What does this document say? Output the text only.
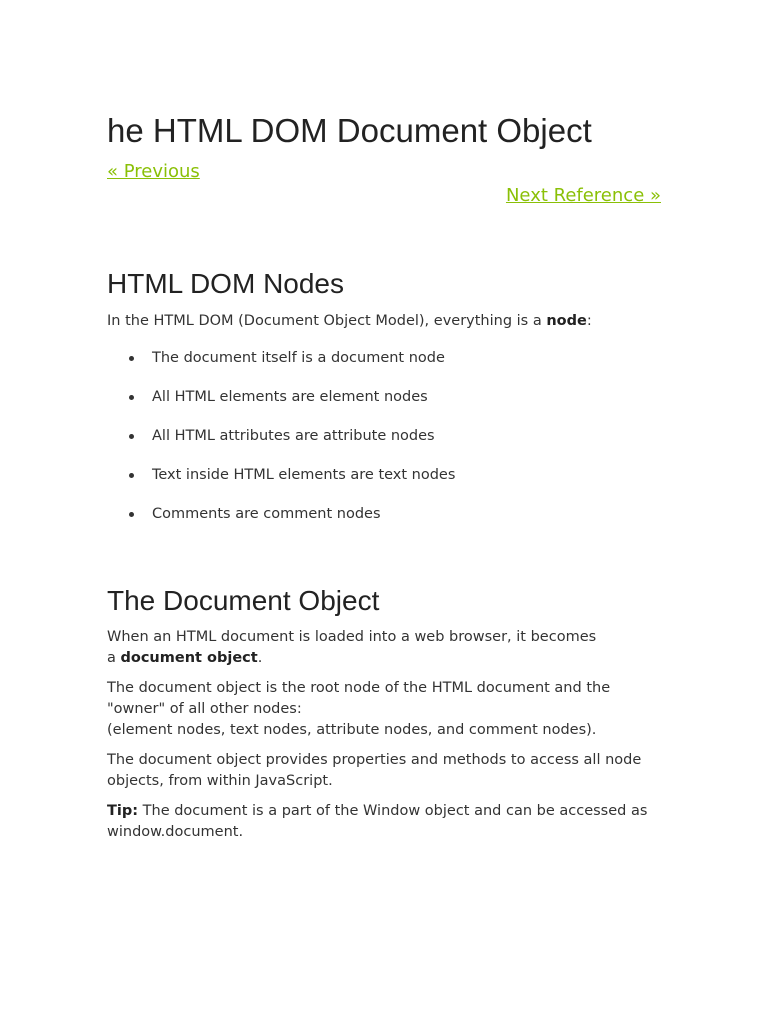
he HTML DOM Document Object
« Previous
Next Reference »
HTML DOM Nodes

In the HTML DOM (Document Object Model), everything is a node:

The document itself is a document node
All HTML elements are element nodes
All HTML attributes are attribute nodes
Text inside HTML elements are text nodes
Comments are comment nodes
The Document Object

When an HTML document is loaded into a web browser, it becomes
a document object.

The document object is the root node of the HTML document and the
"owner" of all other nodes:
(element nodes, text nodes, attribute nodes, and comment nodes).

The document object provides properties and methods to access all node objects, from within JavaScript.

Tip: The document is a part of the Window object and can be accessed as window.document.
